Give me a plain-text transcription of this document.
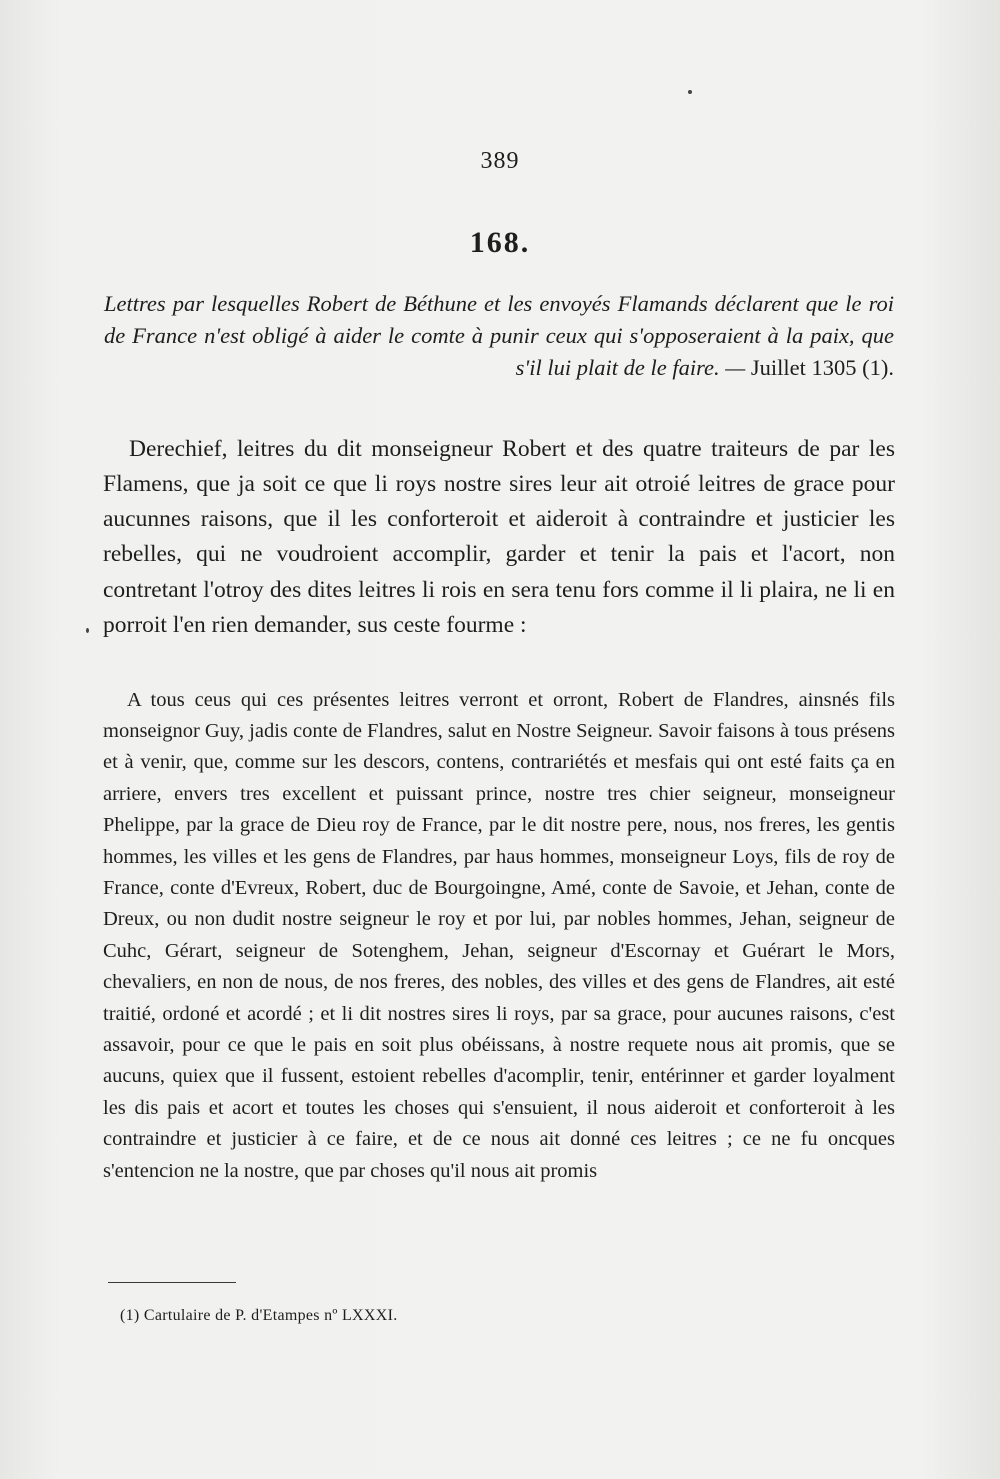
389
168.
Lettres par lesquelles Robert de Béthune et les envoyés Flamands déclarent que le roi de France n'est obligé à aider le comte à punir ceux qui s'opposeraient à la paix, que s'il lui plait de le faire. — Juillet 1305 (1).

Derechief, leitres du dit monseigneur Robert et des quatre traiteurs de par les Flamens, que ja soit ce que li roys nostre sires leur ait otroié leitres de grace pour aucunnes raisons, que il les conforteroit et aideroit à contraindre et justicier les rebelles, qui ne voudroient accomplir, garder et tenir la pais et l'acort, non contretant l'otroy des dites leitres li rois en sera tenu fors comme il li plaira, ne li en porroit l'en rien demander, sus ceste fourme :

A tous ceus qui ces présentes leitres verront et orront, Robert de Flandres, ainsnés fils monseignor Guy, jadis conte de Flandres, salut en Nostre Seigneur. Savoir faisons à tous présens et à venir, que, comme sur les descors, contens, contrariétés et mesfais qui ont esté faits ça en arriere, envers tres excellent et puissant prince, nostre tres chier seigneur, monseigneur Phelippe, par la grace de Dieu roy de France, par le dit nostre pere, nous, nos freres, les gentis hommes, les villes et les gens de Flandres, par haus hommes, monseigneur Loys, fils de roy de France, conte d'Evreux, Robert, duc de Bourgoingne, Amé, conte de Savoie, et Jehan, conte de Dreux, ou non dudit nostre seigneur le roy et por lui, par nobles hommes, Jehan, seigneur de Cuhc, Gérart, seigneur de Sotenghem, Jehan, seigneur d'Escornay et Guérart le Mors, chevaliers, en non de nous, de nos freres, des nobles, des villes et des gens de Flandres, ait esté traitié, ordoné et acordé ; et li dit nostres sires li roys, par sa grace, pour aucunes raisons, c'est assavoir, pour ce que le pais en soit plus obéissans, à nostre requete nous ait promis, que se aucuns, quiex que il fussent, estoient rebelles d'acomplir, tenir, entérinner et garder loyalment les dis pais et acort et toutes les choses qui s'ensuient, il nous aideroit et conforteroit à les contraindre et justicier à ce faire, et de ce nous ait donné ces leitres ; ce ne fu oncques s'entencion ne la nostre, que par choses qu'il nous ait promis

(1) Cartulaire de P. d'Etampes nº LXXXI.
